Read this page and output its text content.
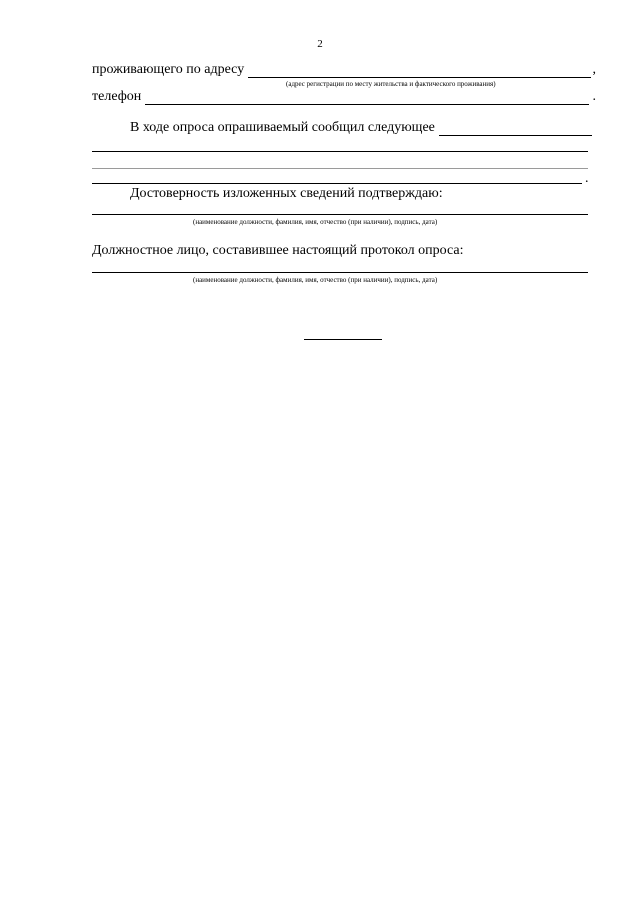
2
проживающего по адресу	,
(адрес регистрации по месту жительства и фактического проживания)
телефон	.
В ходе опроса опрашиваемый сообщил следующее
.
Достоверность изложенных сведений подтверждаю:
(наименование должности, фамилия, имя, отчество (при наличии), подпись, дата)
Должностное лицо, составившее настоящий протокол опроса:
(наименование должности, фамилия, имя, отчество (при наличии), подпись, дата)
